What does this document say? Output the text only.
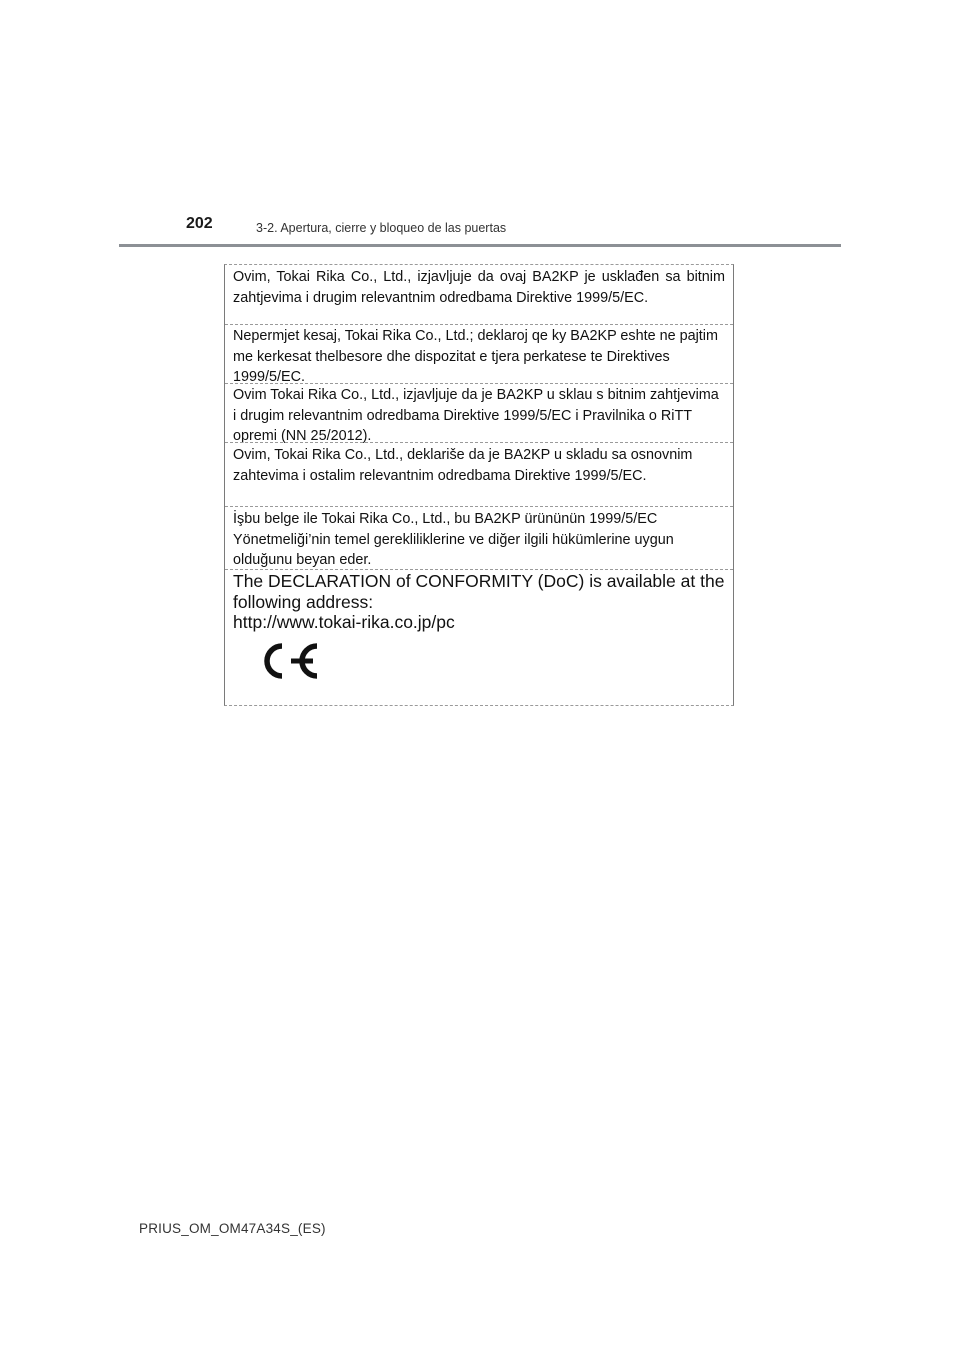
202	3-2. Apertura, cierre y bloqueo de las puertas
Ovim, Tokai Rika Co., Ltd., izjavljuje da ovaj BA2KP je usklađen sa bitnim zahtjevima i drugim relevantnim odredbama Direktive 1999/5/EC.
Nepermjet kesaj, Tokai Rika Co., Ltd.; deklaroj qe ky BA2KP eshte ne pajtim me kerkesat thelbesore dhe dispozitat e tjera perkatese te Direktives 1999/5/EC.
Ovim Tokai Rika Co., Ltd., izjavljuje da je BA2KP u sklau s bitnim zahtjevima i drugim relevantnim odredbama Direktive 1999/5/EC i Pravilnika o RiTT opremi (NN 25/2012).
Ovim, Tokai Rika Co., Ltd., deklariše da je BA2KP u skladu sa osnovnim zahtevima i ostalim relevantnim odredbama Direktive 1999/5/EC.
İşbu belge ile Tokai Rika Co., Ltd., bu BA2KP ürününün 1999/5/EC Yönetmeliği’nin temel gerekliliklerine ve diğer ilgili hükümlerine uygun olduğunu beyan eder.
The DECLARATION of CONFORMITY (DoC) is available at the
following address:
http://www.tokai-rika.co.jp/pc
PRIUS_OM_OM47A34S_(ES)
